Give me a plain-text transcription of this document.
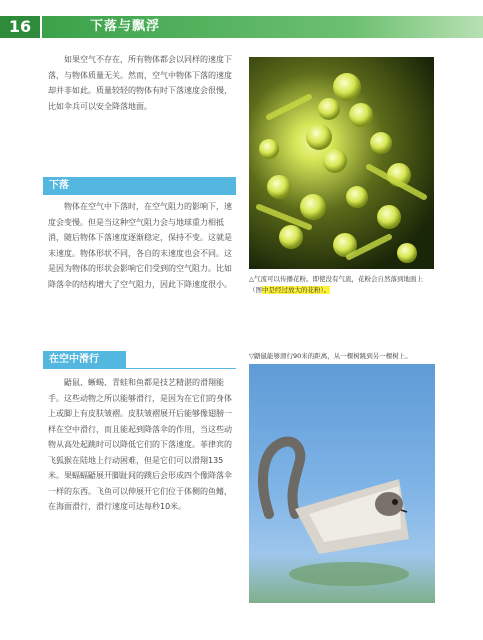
16	下落与飘浮

如果空气不存在，所有物体都会以同样的速度下落，与物体质量无关。然而，空气中物体下落的速度却并非如此。质量较轻的物体有时下落速度会很慢，比如伞兵可以安全降落地面。

下落

物体在空气中下落时，在空气阻力的影响下，速度会变慢。但是当这种空气阻力会与地球重力相抵消，随后物体下落速度逐渐稳定，保持不变。这就是末速度。物体形状不同，各自的末速度也会不同。这是因为物体的形状会影响它们受到的空气阻力。比如降落伞的结构增大了空气阻力，因此下降速度很小。

△气流可以传播花粉。即使没有气流，花粉会自然落到地面上（图中是经过放大的花粉）。

在空中滑行

鼯鼠、蜥蜴、青蛙和鱼都是技艺精湛的滑翔能手。这些动物之所以能够滑行，是因为在它们的身体上或脚上有皮肤皱褶。皮肤皱褶展开后能够像翅膀一样在空中滑行，而且能起到降落伞的作用，当这些动物从高处起跳时可以降低它们的下落速度。菲律宾的飞狐猴在陆地上行动困难，但是它们可以滑翔135米。果蝠蝠鼯展开脚趾间的蹼后会形成四个像降落伞一样的东西。飞鱼可以伸展开它们位于体侧的鱼鳍，在海面滑行，滑行速度可达每秒10米。

▽鼯鼠能够滑行90米的距离，从一棵树跳到另一棵树上。
